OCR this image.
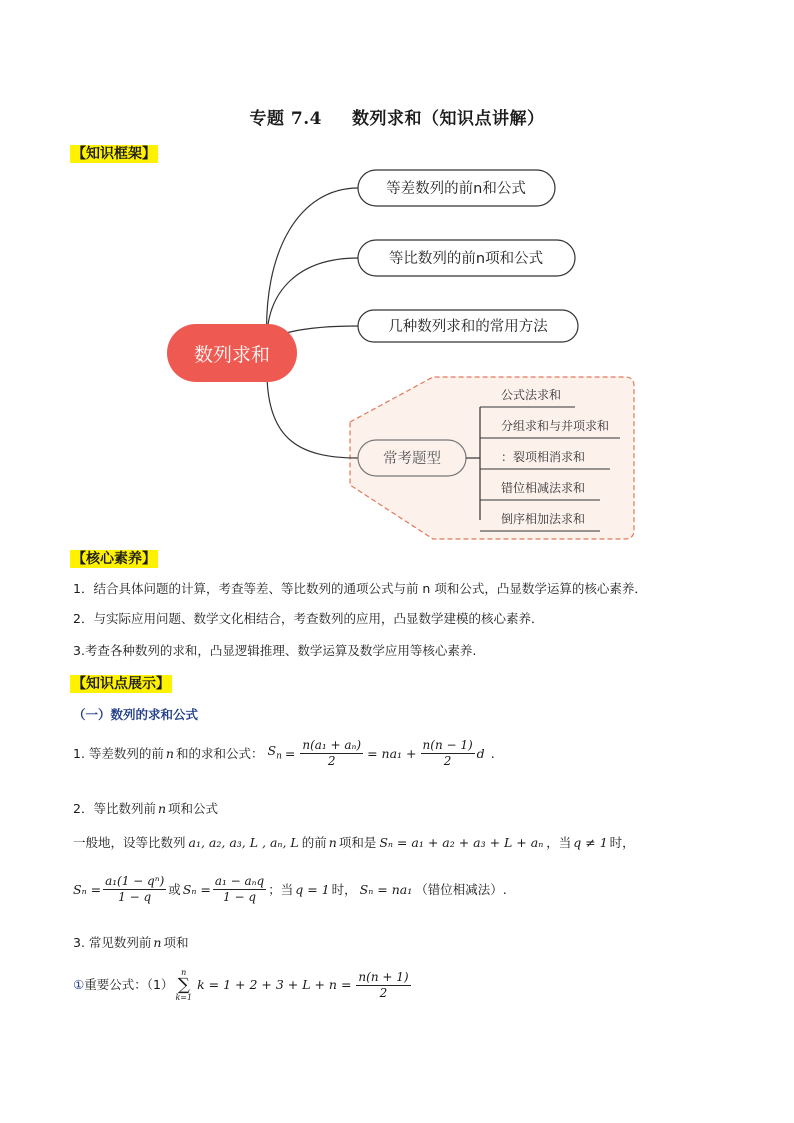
专题 7.4 数列求和（知识点讲解）
【知识框架】
数列求和
等差数列的前n和公式
等比数列的前n项和公式
几种数列求和的常用方法
常考题型
公式法求和
分组求和与并项求和
：裂项相消求和
错位相减法求和
倒序相加法求和
【核心素养】
1．结合具体问题的计算，考查等差、等比数列的通项公式与前 n 项和公式，凸显数学运算的核心素养．
2．与实际应用问题、数学文化相结合，考查数列的应用，凸显数学建模的核心素养．
3.考查各种数列的求和，凸显逻辑推理、数学运算及数学应用等核心素养.
【知识点展示】
（一）数列的求和公式
1. 等差数列的前 n 和的求和公式： $S_n = \frac{\text{n(a₁ + aₙ)}}{2} = na_1 + \frac{n(n - 1)}{2}$ d .
2．等比数列前 n 项和公式
一般地，设等比数列 a₁, a₂, a₃, L , aₙ, L 的前 n 项和是 Sₙ = a₁ + a₂ + a₃ + L + aₙ ，当 q ≠ 1 时，
$S_n = \frac{\text{a₁(1 − qⁿ)}}{1 - q}$ 或 $S_n = \frac{\text{a₁ − aₙq}}{1 - q}$ ；当 q = 1 时， Sₙ = na₁ （错位相减法）.
3. 常见数列前 n 项和
① 重要公式：（1）
n
∑
k=1
$k = 1 + 2 + 3 + L + n = \frac{n(n + 1)}{2}$
